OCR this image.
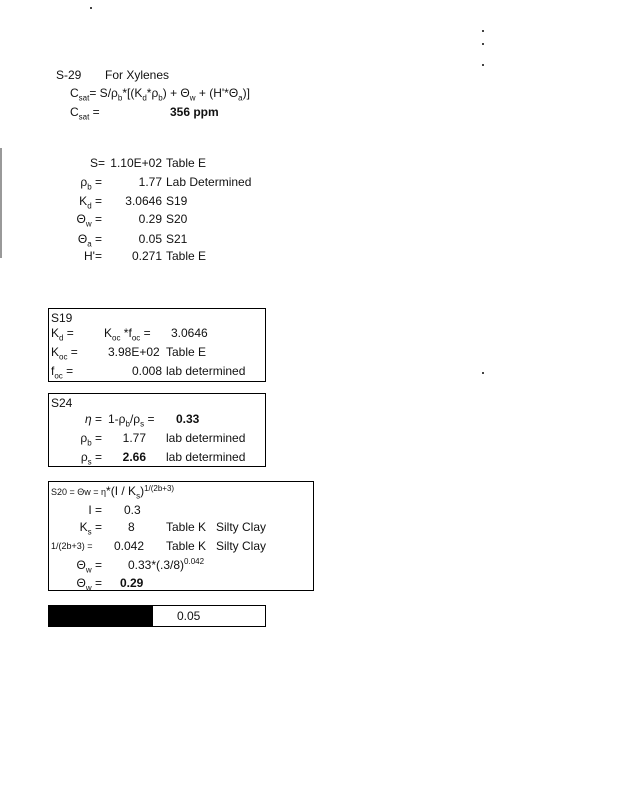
S-29 For Xylenes
$C_{sat}= S/\rho_b*[(K_d*\rho_b) + \Theta_w + (H'*\Theta_a)]$
$C_{sat}$ =	356 ppm
S= 1.10E+02 Table E
$\rho_b$ =	1.77 Lab Determined
$K_d$ =	3.0646 S19
$\Theta_w$ =	0.29 S20
$\Theta_a$ =	0.05 S21
H'=	0.271 Table E
S19
$K_d$ =	$K_{oc}$ $*f_{oc} = 3.0646$
$K_{oc}$ =	3.98E+02 Table E
$f_{oc}$ =	0.008 lab determined
S24
$\eta = 1-\rho_b/\rho_s = 0.33$
$\rho_b$ =	1.77 lab determined
$\rho_s$ =	2.66 lab determined
$S20 = \Theta w = \eta*(I / K_s)^{1/(2b+3)}$
I = 0.3
$K_s = 8$	Table K Silty Clay
1/(2b+3) = 0.042 Table K Silty Clay
$\Theta_w = 0.33*(.3/8)^{0.042}$
$\Theta_w = 0.29$
0.05
